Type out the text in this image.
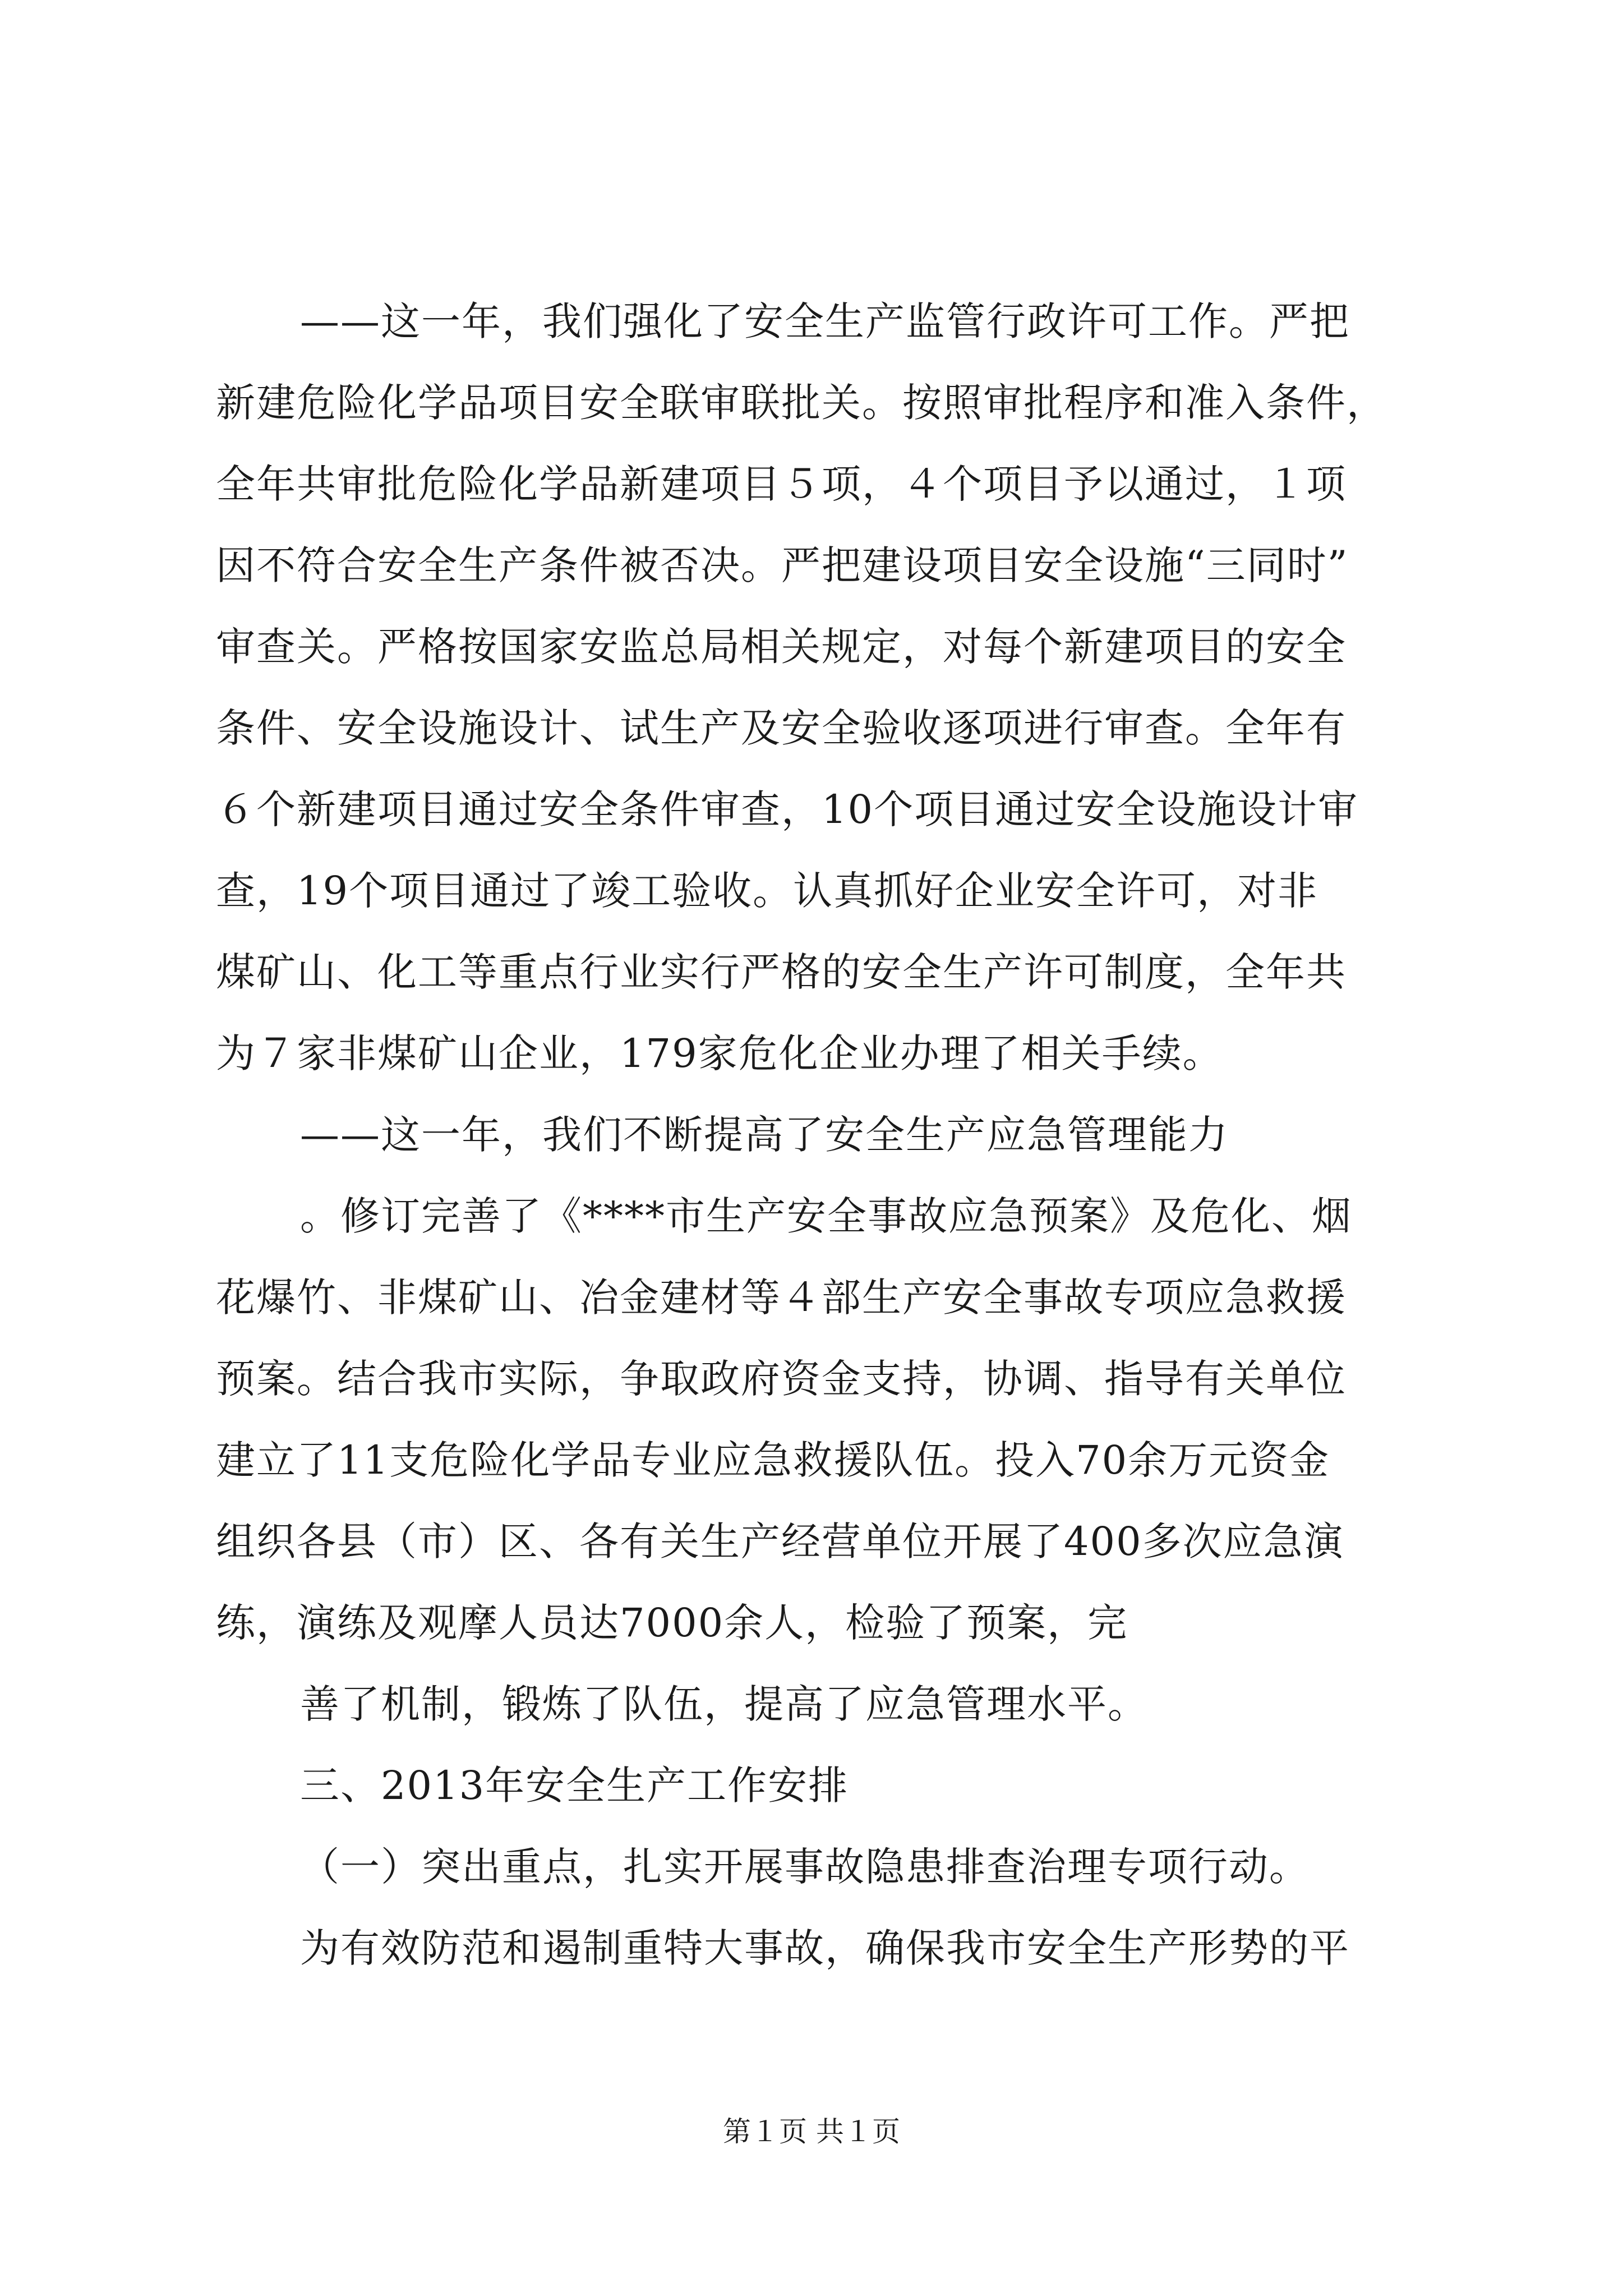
——这一年，我们强化了安全生产监管行政许可工作。严把
新建危险化学品项目安全联审联批关。按照审批程序和准入条件，
全年共审批危险化学品新建项目５项，４个项目予以通过，１项
因不符合安全生产条件被否决。严把建设项目安全设施“三同时”
审查关。严格按国家安监总局相关规定，对每个新建项目的安全
条件、安全设施设计、试生产及安全验收逐项进行审查。全年有
６个新建项目通过安全条件审查，10个项目通过安全设施设计审
查，19个项目通过了竣工验收。认真抓好企业安全许可，对非
煤矿山、化工等重点行业实行严格的安全生产许可制度，全年共
为７家非煤矿山企业，179家危化企业办理了相关手续。
——这一年，我们不断提高了安全生产应急管理能力
。修订完善了《****市生产安全事故应急预案》及危化、烟
花爆竹、非煤矿山、冶金建材等４部生产安全事故专项应急救援
预案。结合我市实际，争取政府资金支持，协调、指导有关单位
建立了11支危险化学品专业应急救援队伍。投入70余万元资金
组织各县（市）区、各有关生产经营单位开展了400多次应急演
练，演练及观摩人员达7000余人，检验了预案，完
善了机制，锻炼了队伍，提高了应急管理水平。
三、2013年安全生产工作安排
（一）突出重点，扎实开展事故隐患排查治理专项行动。
为有效防范和遏制重特大事故，确保我市安全生产形势的平
第１页 共１页
